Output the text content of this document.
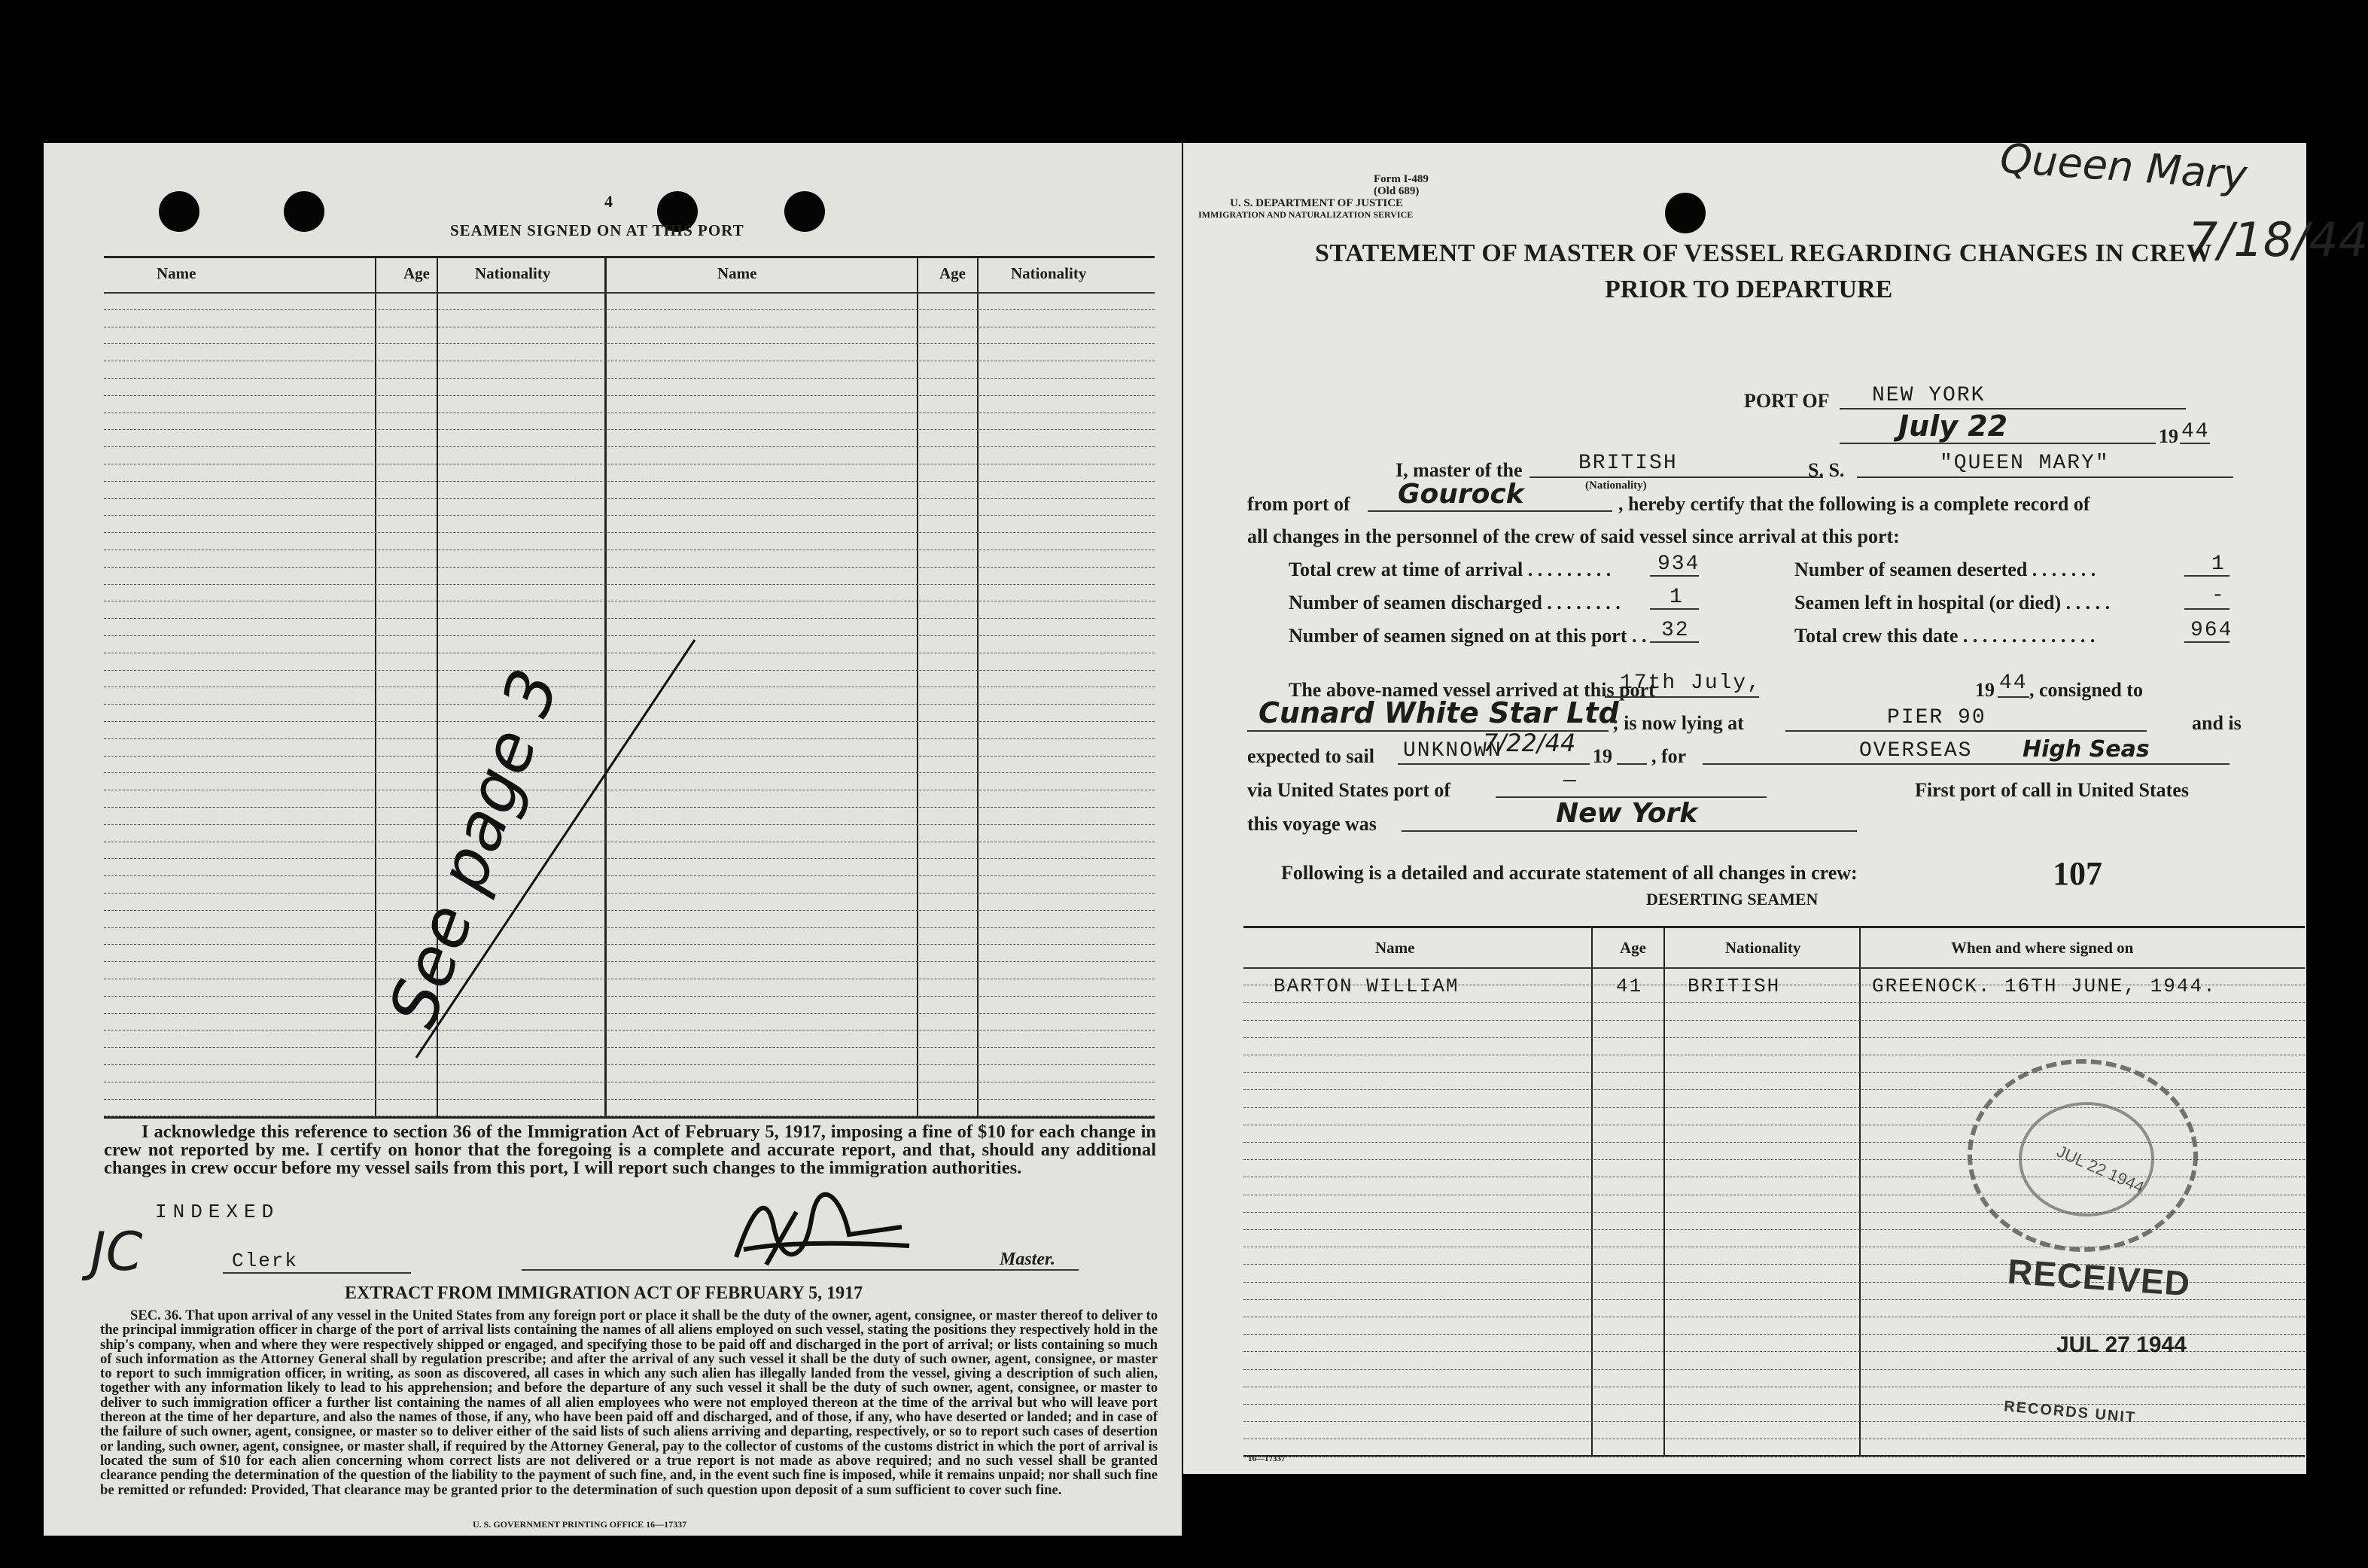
4
SEAMEN SIGNED ON AT THIS PORT
Name	Age	Nationality	Name	Age	Nationality
See page 3
I acknowledge this reference to section 36 of the Immigration Act of February 5, 1917, imposing a fine of $10 for each change in crew not reported by me. I certify on honor that the foregoing is a complete and accurate report, and that, should any additional changes in crew occur before my vessel sails from this port, I will report such changes to the immigration authorities.
INDEXED
JC	Clerk	Master.
EXTRACT FROM IMMIGRATION ACT OF FEBRUARY 5, 1917
SEC. 36. That upon arrival of any vessel in the United States from any foreign port or place it shall be the duty of the owner, agent, consignee, or master thereof to deliver to the principal immigration officer in charge of the port of arrival lists containing the names of all aliens employed on such vessel, stating the positions they respectively hold in the ship's company, when and where they were respectively shipped or engaged, and specifying those to be paid off and discharged in the port of arrival; or lists containing so much of such information as the Attorney General shall by regulation prescribe; and after the arrival of any such vessel it shall be the duty of such owner, agent, consignee, or master to report to such immigration officer, in writing, as soon as discovered, all cases in which any such alien has illegally landed from the vessel, giving a description of such alien, together with any information likely to lead to his apprehension; and before the departure of any such vessel it shall be the duty of such owner, agent, consignee, or master to deliver to such immigration officer a further list containing the names of all alien employees who were not employed thereon at the time of the arrival but who will leave port thereon at the time of her departure, and also the names of those, if any, who have been paid off and discharged, and of those, if any, who have deserted or landed; and in case of the failure of such owner, agent, consignee, or master so to deliver either of the said lists of such aliens arriving and departing, respectively, or so to report such cases of desertion or landing, such owner, agent, consignee, or master shall, if required by the Attorney General, pay to the collector of customs of the customs district in which the port of arrival is located the sum of $10 for each alien concerning whom correct lists are not delivered or a true report is not made as above required; and no such vessel shall be granted clearance pending the determination of the question of the liability to the payment of such fine, and, in the event such fine is imposed, while it remains unpaid; nor shall such fine be remitted or refunded: Provided, That clearance may be granted prior to the determination of such question upon deposit of a sum sufficient to cover such fine.
U. S. GOVERNMENT PRINTING OFFICE 16—17337
Form I-489
(Old 689)
U. S. DEPARTMENT OF JUSTICE
IMMIGRATION AND NATURALIZATION SERVICE
Queen Mary
7/18/44
STATEMENT OF MASTER OF VESSEL REGARDING CHANGES IN CREW
PRIOR TO DEPARTURE
PORT OF NEW YORK
July 22	19 44
I, master of the	BRITISH
(Nationality)
S. S.	"QUEEN MARY"
from port of Gourock	, hereby certify that the following is a complete record of
all changes in the personnel of the crew of said vessel since arrival at this port:
Total crew at time of arrival . . . . . . . . .	934
Number of seamen discharged . . . . . . . . 1
Number of seamen signed on at this port . . 32
Number of seamen deserted . . . . . . .	1
Seamen left in hospital (or died) . . . . .	-
Total crew this date . . . . . . . . . . . . . .	964
The above-named vessel arrived at this port
17th July,	19 44 , consigned to
Cunard White Star Ltd
; is now lying at	PIER 90	and is
expected to sail UNKNOWN
7/22/44 19 , for	OVERSEAS High Seas
via United States port of	—	First port of call in United States
this voyage was	New York
Following is a detailed and accurate statement of all changes in crew:	107
DESERTING SEAMEN
Name	Age	Nationality	When and where signed on
BARTON WILLIAM	41 BRITISH	GREENOCK. 16TH JUNE, 1944.
JUL 22 1944
RECEIVED
JUL 27 1944
RECORDS UNIT
16—17337
